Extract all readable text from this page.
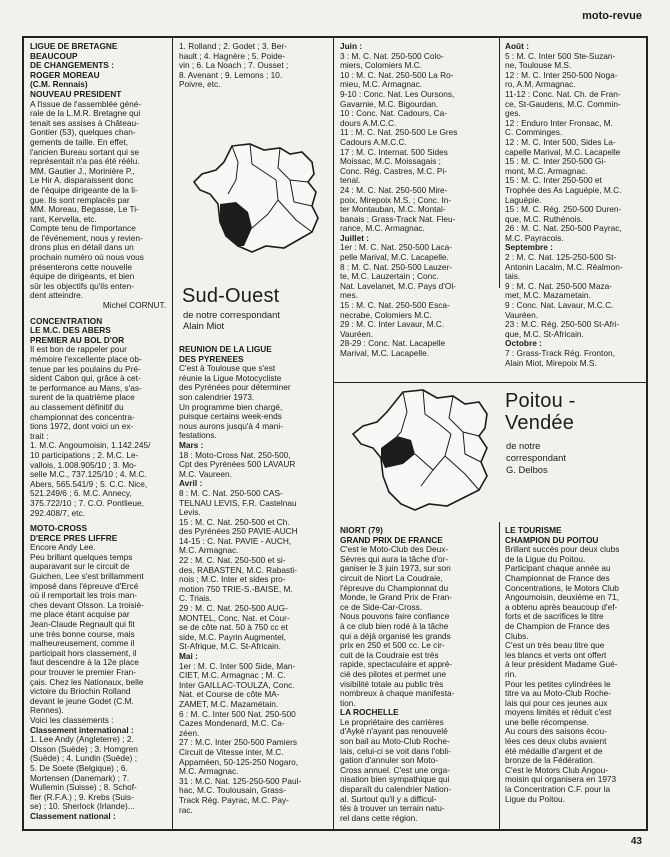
moto-revue

LIGUE DE BRETAGNE

BEAUCOUP

DE CHANGEMENTS :

ROGER MOREAU

(C.M. Rennais)

NOUVEAU PRESIDENT

A l'issue de l'assemblée géné-

rale de la L.M.R. Bretagne qui

tenait ses assises à Château-

Gontier (53), quelques chan-

gements de taille. En effet,

l'ancien Bureau sortant qui se

représentait n'a pas été réélu.

MM. Gautier J., Morinière P.,

Le Hir A. disparaissent donc

de l'équipe dirigeante de la li-

gue. Ils sont remplacés par

MM. Moreau, Begasse, Le Ti-

rant, Kervella, etc.

Compte tenu de l'importance

de l'événement, nous y revien-

drons plus en détail dans un

prochain numéro où nous vous

présenterons cette nouvelle

équipe de dirigeants, et bien

sûr les objectifs qu'ils enten-

dent atteindre.

Michel CORNUT.

CONCENTRATION

LE M.C. DES ABERS

PREMIER AU BOL D'OR

Il est bon de rappeler pour

mémoire l'excellente place ob-

tenue par les poulains du Pré-

sident Cabon qui, grâce à cet-

te performance au Mans, s'as-

surent de la quatrième place

au classement définitif du

championnat des concentra-

tions 1972, dont voici un ex-

trait :

1. M.C. Angoumoisin, 1.142.245/

10 participations ; 2. M.C. Le-

vallois, 1.008.905/10 ; 3. Mo-

selle M.C., 737.125/10 ; 4. M.C.

Abers, 565.541/9 ; 5. C.C. Nice,

521.249/6 ; 6. M.C. Annecy,

375.722/10 ; 7. C.O. Pontlieue,

292.408/7, etc.

MOTO-CROSS

D'ERCE PRES LIFFRE

Encore Andy Lee.

Peu brillant quelques temps

auparavant sur le circuit de

Guichen, Lee s'est brillamment

imposé dans l'épreuve d'Ercé

où il remportait les trois man-

ches devant Olsson. La troisiè-

me place étant acquise par

Jean-Claude Regnault qui fit

une très bonne course, mais

malheureusement, comme il

participait hors classement, il

faut descendre à la 12e place

pour trouver le premier Fran-

çais. Chez les Nationaux, belle

victoire du Briochin Rolland

devant le jeune Godet (C.M.

Rennes).

Voici les classements :

Classement international :

1. Lee Andy (Angleterre) ; 2.

Olsson (Suède) ; 3. Homgren

(Suède) ; 4. Lundin (Suède) ;

5. De Soete (Belgique) ; 6.

Mortensen (Danemark) ; 7.

Wullemin (Suisse) ; 8. Schof-

fler (R.F.A.) ; 9. Krebs (Suis-

se) ; 10. Sherlock (Irlande)...

Classement national :

1. Rolland ; 2. Godet ; 3. Ber-

hault ; 4. Hagnère ; 5. Poide-

vin ; 6. La Noach ; 7. Ousset ;

8. Avenant ; 9. Lemons ; 10.

Poivre, etc.

Sud-Ouest
de notre correspondant
Alain Miot

REUNION DE LA LIGUE

DES PYRENEES

C'est à Toulouse que s'est

réunie la Ligue Motocycliste

des Pyrénées pour déterminer

son calendrier 1973.

Un programme bien chargé,

puisque certains week-ends

nous aurons jusqu'à 4 mani-

festations.

Mars :

18 : Moto-Cross Nat. 250-500,

Cpt des Pyrénées 500 LAVAUR

M.C. Vaureen.

Avril :

8 : M. C. Nat. 250-500 CAS-

TELNAU LEVIS, F.R. Castelnau

Levis.

15 : M. C. Nat. 250-500 et Ch.

des Pyrénées 250 PAVIE-AUCH

14-15 : C. Nat. PAVIE - AUCH,

M.C. Armagnac.

22 : M. C. Nat. 250-500 et si-

des, RABASTEN, M.C. Rabasti-

nois ; M.C. Inter et sides pro-

motion 750 TRIE-S.-BAISE, M.

C. Triais.

29 : M. C. Nat. 250-500 AUG-

MONTEL, Conc. Nat. et Cour-

se de côte nat. 50 à 750 cc et

side, M.C. Payrin Augmentel,

St-Afrique, M.C. St-Africain.

Mai :

1er : M. C. Inter 500 Side, Man-

CIET, M.C. Armagnac ; M. C.

Inter GAILLAC-TOULZA, Conc.

Nat. et Course de côte MA-

ZAMET, M.C. Mazamétain.

6 : M. C. Inter 500 Nat. 250-500

Cazes Mondenard, M.C. Ca-

zéen.

27 : M.C. Inter 250-500 Pamiers

Circuit de Vitesse inter, M.C.

Appaméen, 50-125-250 Nogaro,

M.C. Armagnac.

31 : M.C. Nat. 125-250-500 Paul-

hac, M.C. Toulousain, Grass-

Track Rég. Payrac, M.C. Pay-

rac.

Juin :

3 : M. C. Nat. 250-500 Colo-

miers, Colomiers M.C.

10 : M. C. Nat. 250-500 La Ro-

mieu, M.C. Armagnac.

9-10 : Conc. Nat. Les Oursons,

Gavarnie, M.C. Bigourdan.

10 : Conc. Nat. Cadours, Ca-

dours A.M.C.C.

11 : M. C. Nat. 250-500 Le Gres

Cadours A.M.C.C.

17 : M. C. Internat. 500 Sides

Moissac, M.C. Moissagais ;

Conc. Rég. Castres, M.C. Pi-

tenal.

24 : M. C. Nat. 250-500 Mire-

poix, Mirepoix M.S. ; Conc. In-

ter Montauban, M.C. Montal-

banais ; Grass-Track Nat. Fleu-

rance, M.C. Armagnac.

Juillet :

1er : M. C. Nat. 250-500 Laca-

pelle Marival, M.C. Lacapelle.

8 : M. C. Nat. 250-500 Lauzer-

te, M.C. Lauzertain ; Conc.

Nat. Lavelanet, M.C. Pays d'Ol-

mes.

15 : M. C. Nat. 250-500 Esca-

necrabe, Colomiers M.C.

29 : M. C. Inter Lavaur, M.C.

Vauréen.

28-29 : Conc. Nat. Lacapelle

Marival, M.C. Lacapelle.

Août :

5 : M. C. Inter 500 Ste-Suzan-

ne, Toulouse M.S.

12 : M. C. Inter 250-500 Noga-

ro, A.M. Armagnac.

11-12 : Conc. Nat. Ch. de Fran-

ce, St-Gaudens, M.C. Commin-

ges.

12 : Enduro Inter Fronsac, M.

C. Comminges.

12 : M. C. Inter 500, Sides La-

capelle Marival, M.C. Lacapelle

15 : M. C. Inter 250-500 Gi-

mont, M.C. Armagnac.

15 : M. C. Inter 250-500 et

Trophée des As Laguépie, M.C.

Laguépie.

15 : M. C. Rég. 250-500 Duren-

que, M.C. Ruthénois.

26 : M. C. Nat. 250-500 Payrac,

M.C. Payracois.

Septembre :

2 : M. C. Nat. 125-250-500 St-

Antonin Lacalm, M.C. Réalmon-

tais.

9 : M. C. Nat. 250-500 Maza-

met, M.C. Mazametain.

9 : Conc. Nat. Lavaur, M.C.C.

Vauréen.

23 : M.C. Rég. 250-500 St-Afri-

que, M.C. St-Africain.

Octobre :

7 : Grass-Track Rég. Fronton,

Alain Miot, Mirepoix M.S.

Poitou -
Vendée
de notre
correspondant
G. Delbos

NIORT (79)

GRAND PRIX DE FRANCE

C'est le Moto-Club des Deux-

Sèvres qui aura la tâche d'or-

ganiser le 3 juin 1973, sur son

circuit de Niort La Coudraie,

l'épreuve du Championnat du

Monde, le Grand Prix de Fran-

ce de Side-Car-Cross.

Nous pouvons faire confiance

à ce club bien rodé à la tâche

qui a déjà organisé les grands

prix en 250 et 500 cc. Le cir-

cuit de la Coudraie est très

rapide, spectaculaire et appré-

cié des pilotes et permet une

visibilité totale au public très

nombreux à chaque manifesta-

tion.

LA ROCHELLE

Le propriétaire des carrières

d'Ayké n'ayant pas renouvelé

son bail au Moto-Club Roche-

lais, celui-ci se voit dans l'obli-

gation d'annuler son Moto-

Cross annuel. C'est une orga-

nisation bien sympathique qui

disparaît du calendrier Nation-

al. Surtout qu'il y a difficul-

tés à trouver un terrain natu-

rel dans cette région.

LE TOURISME

CHAMPION DU POITOU

Brillant succès pour deux clubs

de la Ligue du Poitou.

Participant chaque année au

Championnat de France des

Concentrations, le Motors Club

Angoumoisin, deuxième en 71,

a obtenu après beaucoup d'ef-

forts et de sacrifices le titre

de Champion de France des

Clubs.

C'est un très beau titre que

les blancs et verts ont offert

à leur président Madame Gué-

rin.

Pour les petites cylindrées le

titre va au Moto-Club Roche-

lais qui pour ces jeunes aux

moyens limités et réduit c'est

une belle récompense.

Au cours des saisons écou-

lées ces deux clubs avaient

été médaille d'argent et de

bronze de la Fédération.

C'est le Motors Club Angou-

moisin qui organisera en 1973

la Concentration C.F. pour la

Ligue du Poitou.

43
